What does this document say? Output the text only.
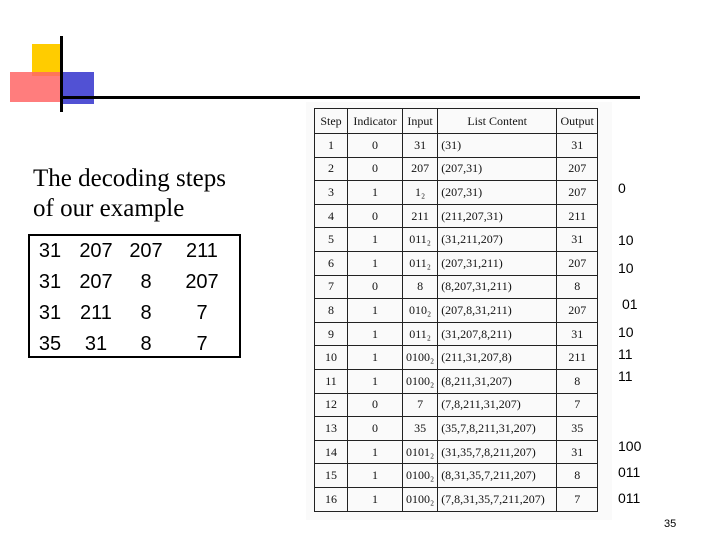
The decoding steps
of our example
31 207 207	211
31 207	8	207
31 211	8	7
35	31	8	7
Step	Indicator	Input	List Content	Output
1	0	31	(31)	31
2	0	207	(207,31)	207
3	1	1₂	(207,31)	207
4	0	211	(211,207,31)	211
5	1	011₂	(31,211,207)	31
6	1	011₂	(207,31,211)	207
7	0	8	(8,207,31,211)	8
8	1	010₂	(207,8,31,211)	207
9	1	011₂	(31,207,8,211)	31
10	1	0100₂	(211,31,207,8)	211
11	1	0100₂	(8,211,31,207)	8
12	0	7	(7,8,211,31,207)	7
13	0	35	(35,7,8,211,31,207)	35
14	1	0101₂	(31,35,7,8,211,207)	31
15	1	0100₂	(8,31,35,7,211,207)	8
16	1	0100₂	(7,8,31,35,7,211,207)	7
0
10
10
01
10
11
11
100
011
011
35
